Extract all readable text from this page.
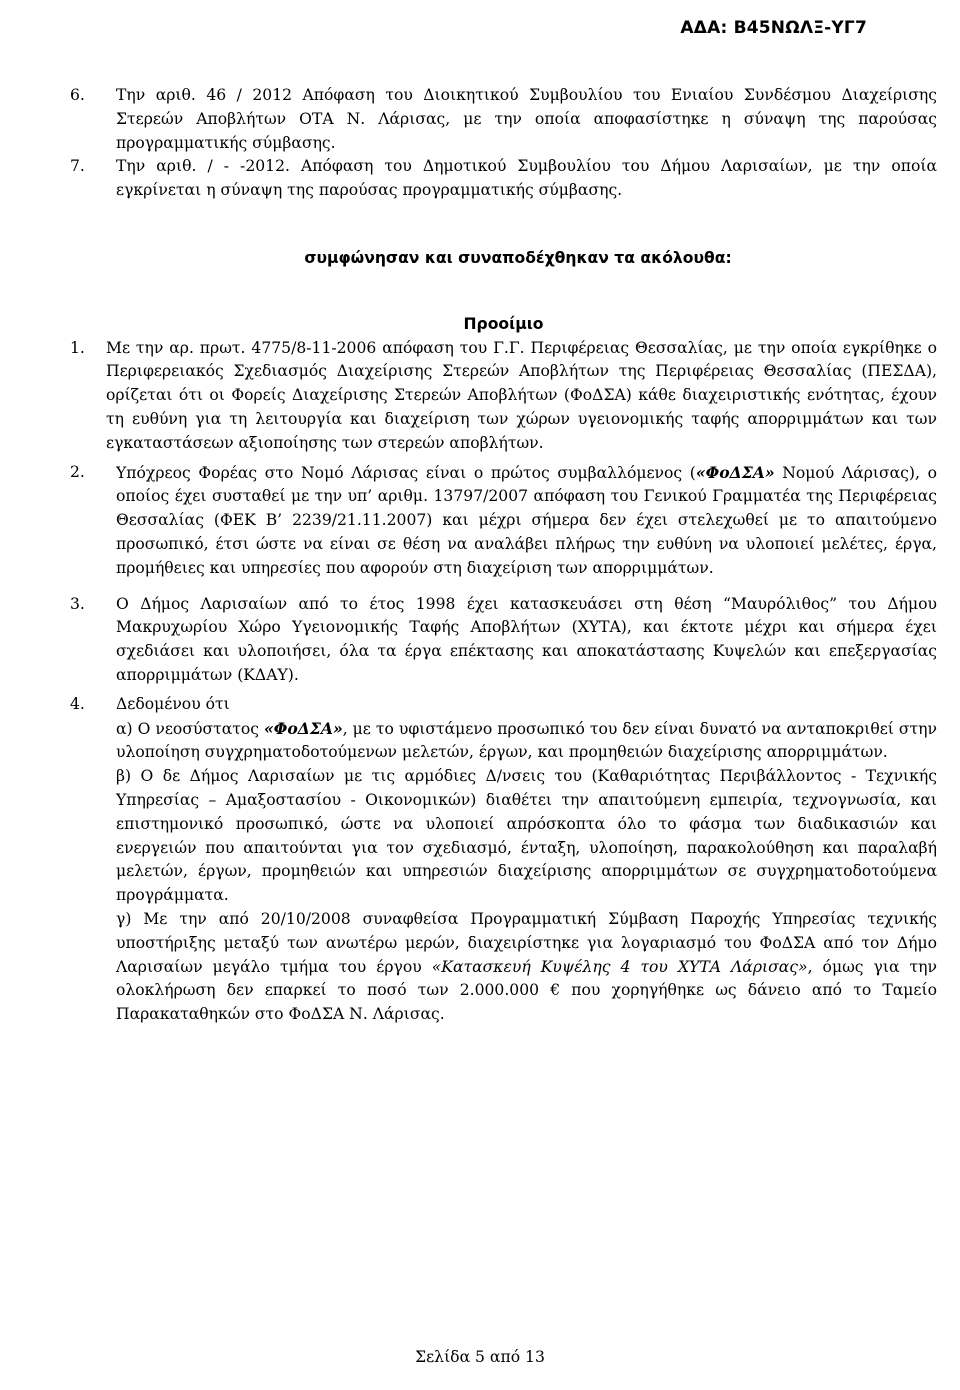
ΑΔΑ: Β45ΝΩΛΞ-ΥΓ7

6. Την αριθ. 46 / 2012 Απόφαση του Διοικητικού Συμβουλίου του Ενιαίου Συνδέσμου Διαχείρισης Στερεών Αποβλήτων ΟΤΑ Ν. Λάρισας, με την οποία αποφασίστηκε η σύναψη της παρούσας προγραμματικής σύμβασης.

7. Την αριθ. / - -2012. Απόφαση του Δημοτικού Συμβουλίου του Δήμου Λαρισαίων, με την οποία εγκρίνεται η σύναψη της παρούσας προγραμματικής σύμβασης.

συμφώνησαν και συναποδέχθηκαν τα ακόλουθα:
Προοίμιο

1. Με την αρ. πρωτ. 4775/8-11-2006 απόφαση του Γ.Γ. Περιφέρειας Θεσσαλίας, με την οποία εγκρίθηκε ο Περιφερειακός Σχεδιασμός Διαχείρισης Στερεών Αποβλήτων της Περιφέρειας Θεσσαλίας (ΠΕΣΔΑ), ορίζεται ότι οι Φορείς Διαχείρισης Στερεών Αποβλήτων (ΦοΔΣΑ) κάθε διαχειριστικής ενότητας, έχουν τη ευθύνη για τη λειτουργία και διαχείριση των χώρων υγειονομικής ταφής απορριμμάτων και των εγκαταστάσεων αξιοποίησης των στερεών αποβλήτων.

2. Υπόχρεος Φορέας στο Νομό Λάρισας είναι ο πρώτος συμβαλλόμενος («ΦοΔΣΑ» Νομού Λάρισας), ο οποίος έχει συσταθεί με την υπ’ αριθμ. 13797/2007 απόφαση του Γενικού Γραμματέα της Περιφέρειας Θεσσαλίας (ΦΕΚ Β’ 2239/21.11.2007) και μέχρι σήμερα δεν έχει στελεχωθεί με το απαιτούμενο προσωπικό, έτσι ώστε να είναι σε θέση να αναλάβει πλήρως την ευθύνη να υλοποιεί μελέτες, έργα, προμήθειες και υπηρεσίες που αφορούν στη διαχείριση των απορριμμάτων.

3. Ο Δήμος Λαρισαίων από το έτος 1998 έχει κατασκευάσει στη θέση “Μαυρόλιθος” του Δήμου Μακρυχωρίου Χώρο Υγειονομικής Ταφής Αποβλήτων (ΧΥΤΑ), και έκτοτε μέχρι και σήμερα έχει σχεδιάσει και υλοποιήσει, όλα τα έργα επέκτασης και αποκατάστασης Κυψελών και επεξεργασίας απορριμμάτων (ΚΔΑΥ).

4. Δεδομένου ότι

α) Ο νεοσύστατος «ΦοΔΣΑ», με το υφιστάμενο προσωπικό του δεν είναι δυνατό να ανταποκριθεί στην υλοποίηση συγχρηματοδοτούμενων μελετών, έργων, και προμηθειών διαχείρισης απορριμμάτων.

β) Ο δε Δήμος Λαρισαίων με τις αρμόδιες Δ/νσεις του (Καθαριότητας Περιβάλλοντος - Τεχνικής Υπηρεσίας – Αμαξοστασίου - Οικονομικών) διαθέτει την απαιτούμενη εμπειρία, τεχνογνωσία, και επιστημονικό προσωπικό, ώστε να υλοποιεί απρόσκοπτα όλο το φάσμα των διαδικασιών και ενεργειών που απαιτούνται για τον σχεδιασμό, ένταξη, υλοποίηση, παρακολούθηση και παραλαβή μελετών, έργων, προμηθειών και υπηρεσιών διαχείρισης απορριμμάτων σε συγχρηματοδοτούμενα προγράμματα.

γ) Με την από 20/10/2008 συναφθείσα Προγραμματική Σύμβαση Παροχής Υπηρεσίας τεχνικής υποστήριξης μεταξύ των ανωτέρω μερών, διαχειρίστηκε για λογαριασμό του ΦοΔΣΑ από τον Δήμο Λαρισαίων μεγάλο τμήμα του έργου «Κατασκευή Κυψέλης 4 του ΧΥΤΑ Λάρισας», όμως για την ολοκλήρωση δεν επαρκεί το ποσό των 2.000.000 € που χορηγήθηκε ως δάνειο από το Ταμείο Παρακαταθηκών στο ΦοΔΣΑ Ν. Λάρισας.

Σελίδα 5 από 13
